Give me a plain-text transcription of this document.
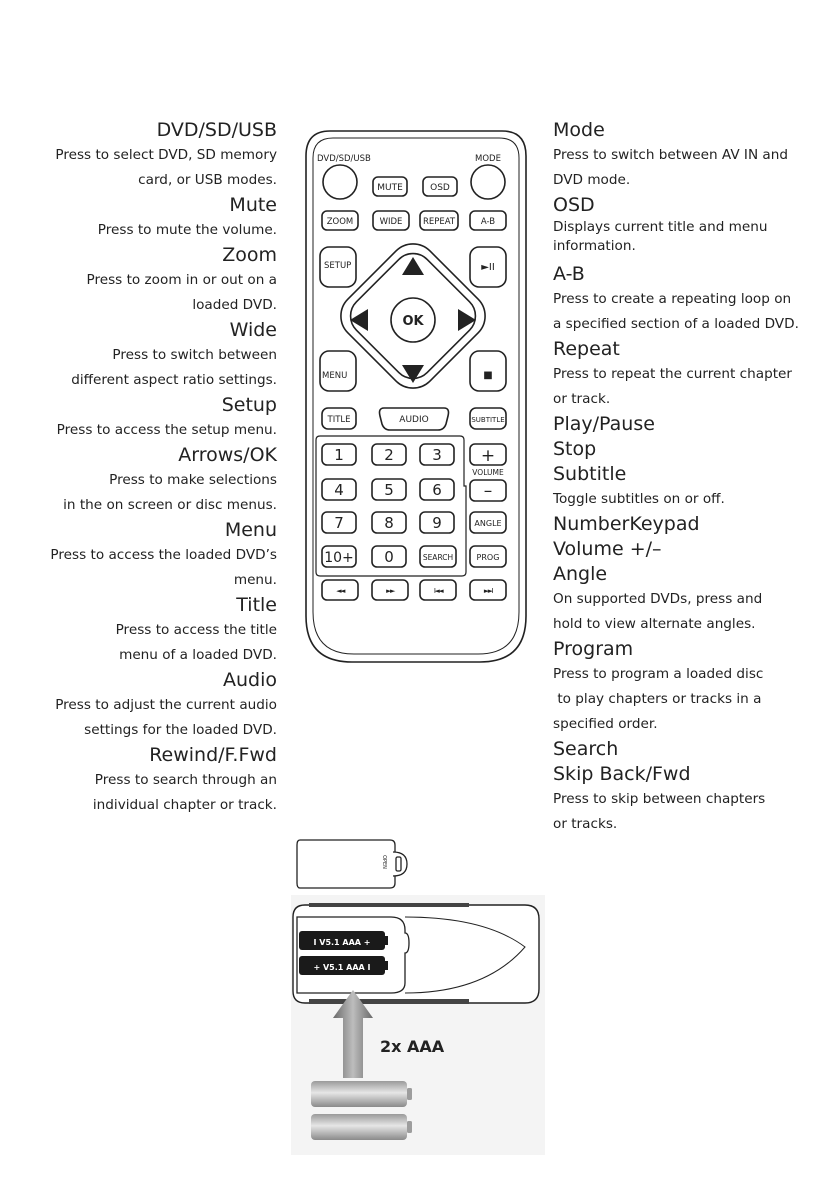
DVD/SD/USB
Press to select DVD, SD memory
card, or USB modes.
Mute
Press to mute the volume.
Zoom
Press to zoom in or out on a
loaded DVD.
Wide
Press to switch between
different aspect ratio settings.
Setup
Press to access the setup menu.
Arrows/OK
Press to make selections
in the on screen or disc menus.
Menu
Press to access the loaded DVD’s
menu.
Title
Press to access the title
menu of a loaded DVD.
Audio
Press to adjust the current audio
settings for the loaded DVD.
Rewind/F.Fwd
Press to search through an
individual chapter or track.
Mode
Press to switch between AV IN and
DVD mode.
OSD
Displays current title and menu
information.
A-B
Press to create a repeating loop on
a specified section of a loaded DVD.
Repeat
Press to repeat the current chapter
or track.
Play/Pause
Stop
Subtitle
Toggle subtitles on or off.
NumberKeypad
Volume +/–
Angle
On supported DVDs, press and
hold to view alternate angles.
Program
Press to program a loaded disc
to play chapters or tracks in a
specified order.
Search
Skip Back/Fwd
Press to skip between chapters
or tracks.
DVD/SD/USB	MODE
MUTE	OSD
ZOOM	WIDE REPEAT	A-B
SETUP	►II
MENU	■
OK
TITLE	AUDIO	SUBTITLE
1	2	3
4	5	6
7	8	9
10+ 0
+
–
VOLUME
ANGLE
SEARCH	PROG
◄◄	►►	I◄◄	►►I
OPEN
I V5.1 AAA +
+ V5.1 AAA I
2x AAA
